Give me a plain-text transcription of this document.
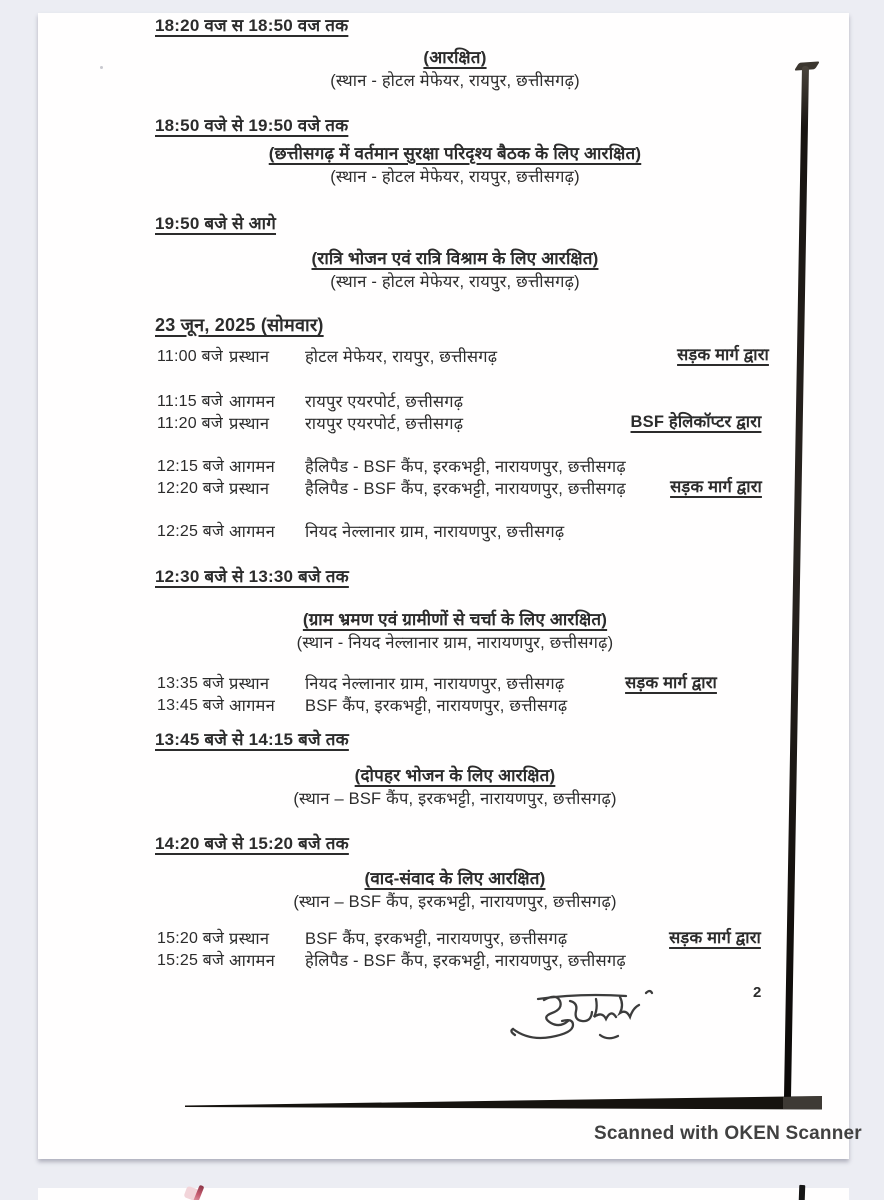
18:20 वज स 18:50 वज तक
(आरक्षित)
(स्थान - होटल मेफेयर, रायपुर, छत्तीसगढ़)
18:50 वजे से 19:50 वजे तक
(छत्तीसगढ़ में वर्तमान सुरक्षा परिदृश्य बैठक के लिए आरक्षित)
(स्थान - होटल मेफेयर, रायपुर, छत्तीसगढ़)
19:50 बजे से आगे
(रात्रि भोजन एवं रात्रि विश्राम के लिए आरक्षित)
(स्थान - होटल मेफेयर, रायपुर, छत्तीसगढ़)
23 जून, 2025 (सोमवार)
11:00 बजे प्रस्थान	होटल मेफेयर, रायपुर, छत्तीसगढ़	सड़क मार्ग द्वारा
11:15 बजे आगमन	रायपुर एयरपोर्ट, छत्तीसगढ़
11:20 बजे प्रस्थान	रायपुर एयरपोर्ट, छत्तीसगढ़	BSF हेलिकॉप्टर द्वारा
12:15 बजे आगमन	हैलिपैड - BSF कैंप, इरकभट्टी, नारायणपुर, छत्तीसगढ़
12:20 बजे प्रस्थान	हैलिपैड - BSF कैंप, इरकभट्टी, नारायणपुर, छत्तीसगढ़	सड़क मार्ग द्वारा
12:25 बजे आगमन	नियद नेल्लानार ग्राम, नारायणपुर, छत्तीसगढ़
12:30 बजे से 13:30 बजे तक
(ग्राम भ्रमण एवं ग्रामीणों से चर्चा के लिए आरक्षित)
(स्थान - नियद नेल्लानार ग्राम, नारायणपुर, छत्तीसगढ़)
13:35 बजे प्रस्थान	नियद नेल्लानार ग्राम, नारायणपुर, छत्तीसगढ़	सड़क मार्ग द्वारा
13:45 बजे आगमन	BSF कैंप, इरकभट्टी, नारायणपुर, छत्तीसगढ़
13:45 बजे से 14:15 बजे तक
(दोपहर भोजन के लिए आरक्षित)
(स्थान – BSF कैंप, इरकभट्टी, नारायणपुर, छत्तीसगढ़)
14:20 बजे से 15:20 बजे तक
(वाद-संवाद के लिए आरक्षित)
(स्थान – BSF कैंप, इरकभट्टी, नारायणपुर, छत्तीसगढ़)
15:20 बजे प्रस्थान	BSF कैंप, इरकभट्टी, नारायणपुर, छत्तीसगढ़	सड़क मार्ग द्वारा
15:25 बजे आगमन	हेलिपैड - BSF कैंप, इरकभट्टी, नारायणपुर, छत्तीसगढ़
2
Scanned with OKEN Scanner
